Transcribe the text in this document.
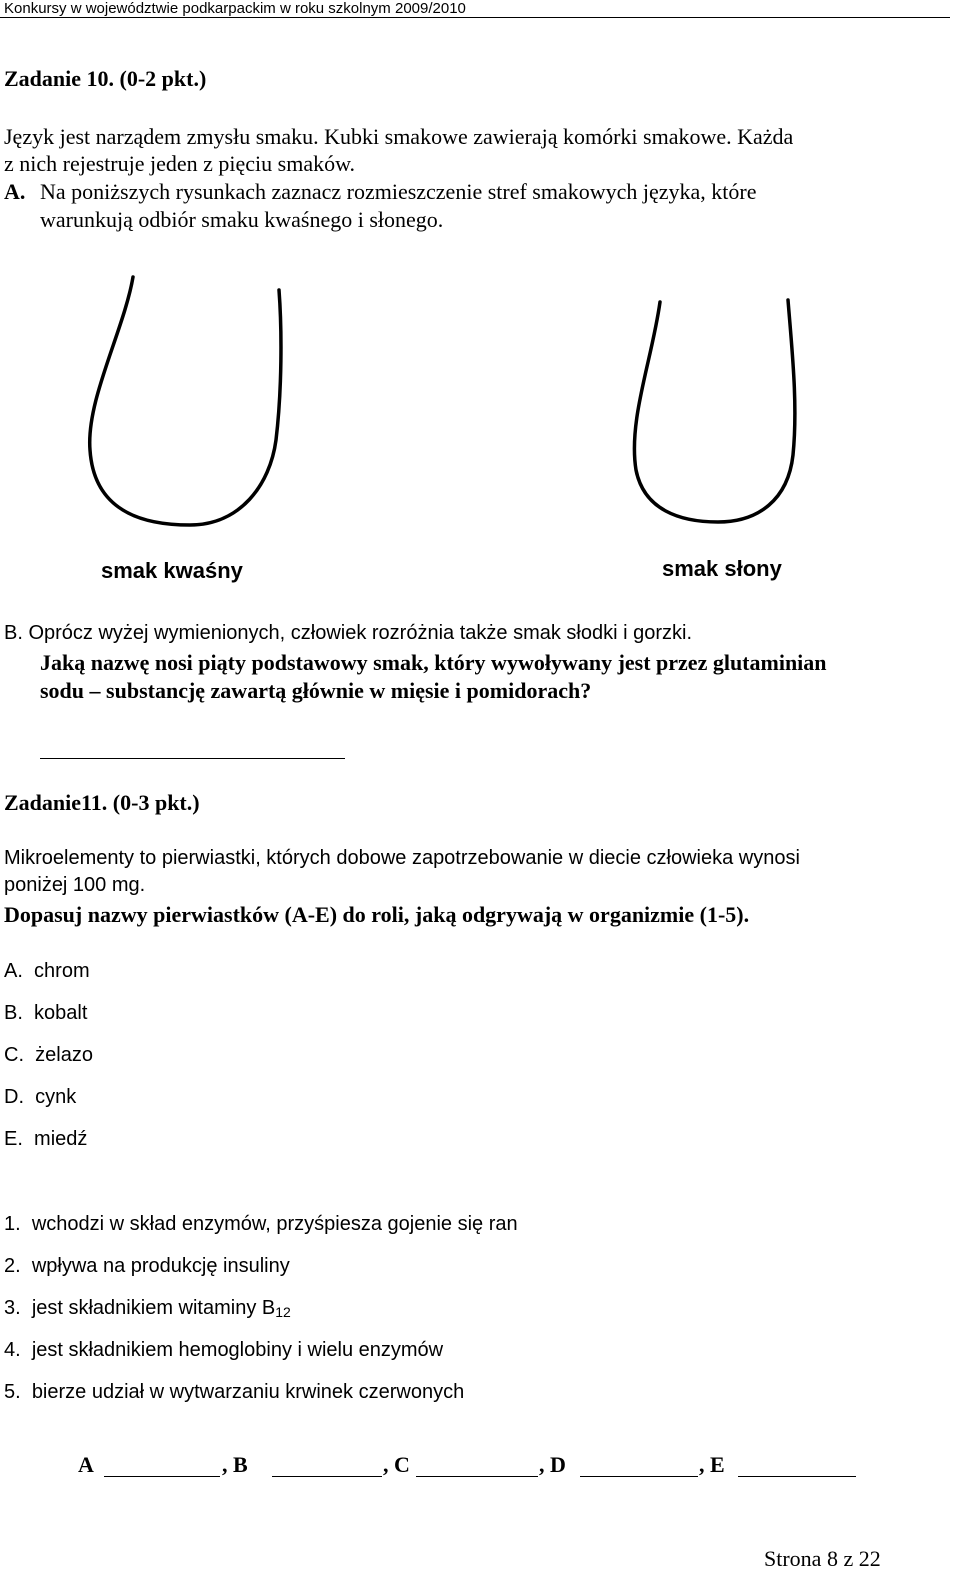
Konkursy w województwie podkarpackim w roku szkolnym 2009/2010
Zadanie 10. (0-2 pkt.)
Język jest narządem zmysłu smaku. Kubki smakowe zawierają komórki smakowe. Każda
z nich rejestruje jeden z pięciu smaków.
A. Na poniższych rysunkach zaznacz rozmieszczenie stref smakowych języka, które
warunkują odbiór smaku kwaśnego i słonego.
smak kwaśny	smak słony
B. Oprócz wyżej wymienionych, człowiek rozróżnia także smak słodki i gorzki.
Jaką nazwę nosi piąty podstawowy smak, który wywoływany jest przez glutaminian
sodu – substancję zawartą głównie w mięsie i pomidorach?
Zadanie11. (0-3 pkt.)
Mikroelementy to pierwiastki, których dobowe zapotrzebowanie w diecie człowieka wynosi
poniżej 100 mg.
Dopasuj nazwy pierwiastków (A-E) do roli, jaką odgrywają w organizmie (1-5).
A. chrom
B. kobalt
C. żelazo
D. cynk
E. miedź
1. wchodzi w skład enzymów, przyśpiesza gojenie się ran
2. wpływa na produkcję insuliny
3. jest składnikiem witaminy $B_{12}$
4. jest składnikiem hemoglobiny i wielu enzymów
5. bierze udział w wytwarzaniu krwinek czerwonych
A	, B	, C	, D	, E
Strona 8 z 22
